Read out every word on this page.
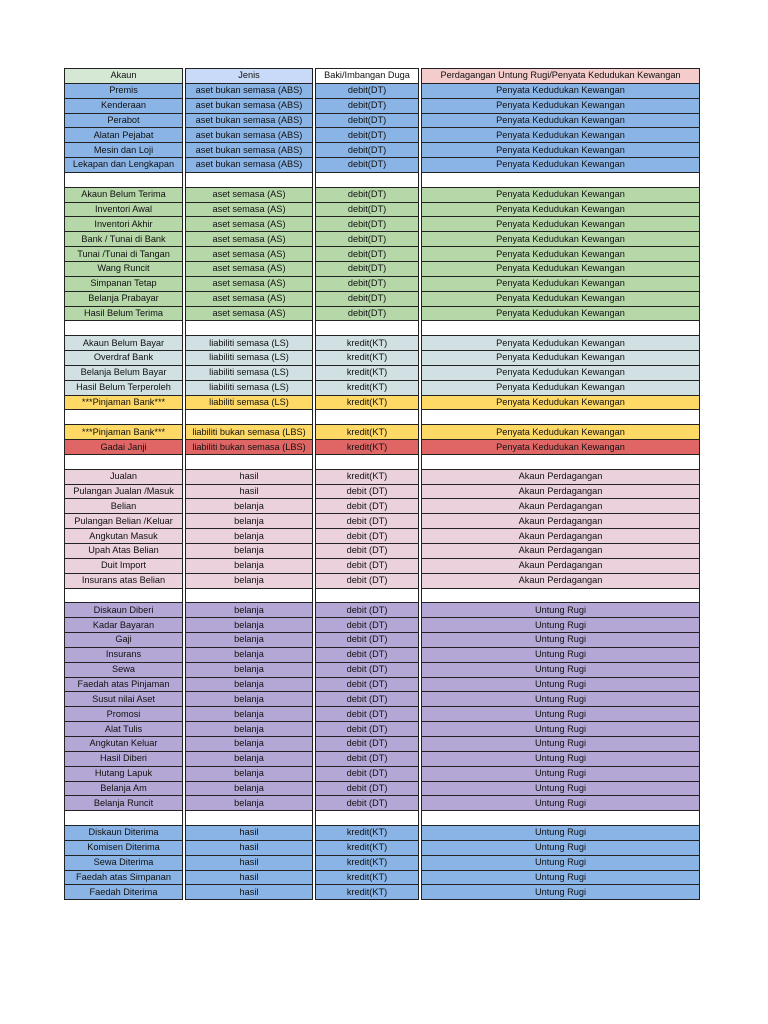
Akaun	Jenis	Baki/Imbangan Duga	Perdagangan Untung Rugi/Penyata Kedudukan Kewangan
Premis	aset bukan semasa (ABS)	debit(DT)	Penyata Kedudukan Kewangan
Kenderaan	aset bukan semasa (ABS)	debit(DT)	Penyata Kedudukan Kewangan
Perabot	aset bukan semasa (ABS)	debit(DT)	Penyata Kedudukan Kewangan
Alatan Pejabat	aset bukan semasa (ABS)	debit(DT)	Penyata Kedudukan Kewangan
Mesin dan Loji	aset bukan semasa (ABS)	debit(DT)	Penyata Kedudukan Kewangan
Lekapan dan Lengkapan	aset bukan semasa (ABS)	debit(DT)	Penyata Kedudukan Kewangan

Akaun Belum Terima	aset semasa (AS)	debit(DT)	Penyata Kedudukan Kewangan
Inventori Awal	aset semasa (AS)	debit(DT)	Penyata Kedudukan Kewangan
Inventori Akhir	aset semasa (AS)	debit(DT)	Penyata Kedudukan Kewangan
Bank / Tunai di Bank	aset semasa (AS)	debit(DT)	Penyata Kedudukan Kewangan
Tunai /Tunai di Tangan	aset semasa (AS)	debit(DT)	Penyata Kedudukan Kewangan
Wang Runcit	aset semasa (AS)	debit(DT)	Penyata Kedudukan Kewangan
Simpanan Tetap	aset semasa (AS)	debit(DT)	Penyata Kedudukan Kewangan
Belanja Prabayar	aset semasa (AS)	debit(DT)	Penyata Kedudukan Kewangan
Hasil Belum Terima	aset semasa (AS)	debit(DT)	Penyata Kedudukan Kewangan

Akaun Belum Bayar	liabiliti semasa (LS)	kredit(KT)	Penyata Kedudukan Kewangan
Overdraf Bank	liabiliti semasa (LS)	kredit(KT)	Penyata Kedudukan Kewangan
Belanja Belum Bayar	liabiliti semasa (LS)	kredit(KT)	Penyata Kedudukan Kewangan
Hasil Belum Terperoleh	liabiliti semasa (LS)	kredit(KT)	Penyata Kedudukan Kewangan
***Pinjaman Bank***	liabiliti semasa (LS)	kredit(KT)	Penyata Kedudukan Kewangan

***Pinjaman Bank***	liabiliti bukan semasa (LBS)	kredit(KT)	Penyata Kedudukan Kewangan
Gadai Janji	liabiliti bukan semasa (LBS)	kredit(KT)	Penyata Kedudukan Kewangan

Jualan	hasil	kredit(KT)	Akaun Perdagangan
Pulangan Jualan /Masuk	hasil	debit (DT)	Akaun Perdagangan
Belian	belanja	debit (DT)	Akaun Perdagangan
Pulangan Belian /Keluar	belanja	debit (DT)	Akaun Perdagangan
Angkutan Masuk	belanja	debit (DT)	Akaun Perdagangan
Upah Atas Belian	belanja	debit (DT)	Akaun Perdagangan
Duit Import	belanja	debit (DT)	Akaun Perdagangan
Insurans atas Belian	belanja	debit (DT)	Akaun Perdagangan

Diskaun Diberi	belanja	debit (DT)	Untung Rugi
Kadar Bayaran	belanja	debit (DT)	Untung Rugi
Gaji	belanja	debit (DT)	Untung Rugi
Insurans	belanja	debit (DT)	Untung Rugi
Sewa	belanja	debit (DT)	Untung Rugi
Faedah atas Pinjaman	belanja	debit (DT)	Untung Rugi
Susut nilai Aset	belanja	debit (DT)	Untung Rugi
Promosi	belanja	debit (DT)	Untung Rugi
Alat Tulis	belanja	debit (DT)	Untung Rugi
Angkutan Keluar	belanja	debit (DT)	Untung Rugi
Hasil Diberi	belanja	debit (DT)	Untung Rugi
Hutang Lapuk	belanja	debit (DT)	Untung Rugi
Belanja Am	belanja	debit (DT)	Untung Rugi
Belanja Runcit	belanja	debit (DT)	Untung Rugi

Diskaun Diterima	hasil	kredit(KT)	Untung Rugi
Komisen Diterima	hasil	kredit(KT)	Untung Rugi
Sewa Diterima	hasil	kredit(KT)	Untung Rugi
Faedah atas Simpanan	hasil	kredit(KT)	Untung Rugi
Faedah Diterima	hasil	kredit(KT)	Untung Rugi
